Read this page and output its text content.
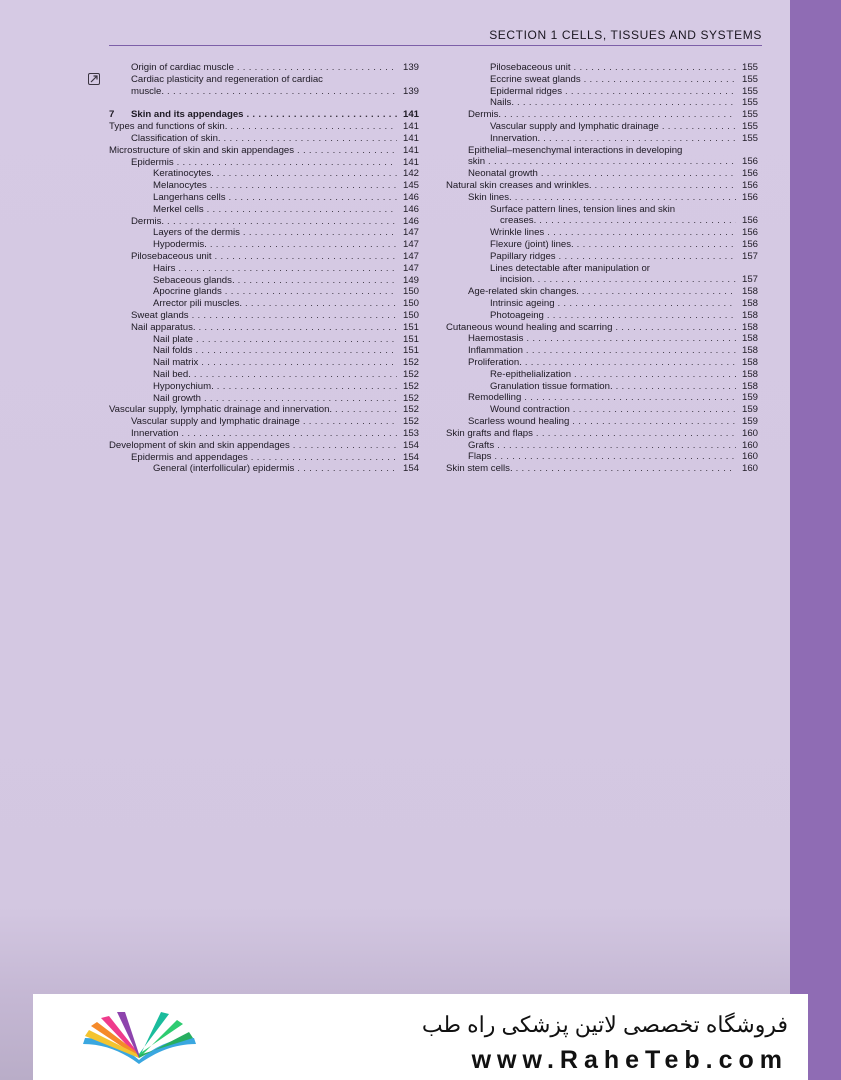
SECTION 1 CELLS, TISSUES AND SYSTEMS
Origin of cardiac muscle . . .	139
Cardiac plasticity and regeneration of cardiac
muscle. . . .	139
7 Skin and its appendages . . .	141
Types and functions of skin. . . .	141
Classification of skin. . . .	141
Microstructure of skin and skin appendages . . .	141
Epidermis . . .	141
Keratinocytes. . . .	142
Melanocytes . . .	145
Langerhans cells . . .	146
Merkel cells . . .	146
Dermis. . . .	146
Layers of the dermis . . .	147
Hypodermis. . . .	147
Pilosebaceous unit . . .	147
Hairs . . .	147
Sebaceous glands. . . .	149
Apocrine glands . . .	150
Arrector pili muscles. . . .	150
Sweat glands . . .	150
Nail apparatus. . . .	151
Nail plate . . .	151
Nail folds . . .	151
Nail matrix . . .	152
Nail bed. . . .	152
Hyponychium. . . .	152
Nail growth . . .	152
Vascular supply, lymphatic drainage and innervation. . . .	152
Vascular supply and lymphatic drainage . . .	152
Innervation . . .	153
Development of skin and skin appendages . . .	154
Epidermis and appendages . . .	154
General (interfollicular) epidermis . . .	154
Pilosebaceous unit . . .	155
Eccrine sweat glands . . .	155
Epidermal ridges . . .	155
Nails. . . .	155
Dermis. . . .	155
Vascular supply and lymphatic drainage . . .	155
Innervation. . . .	155
Epithelial–mesenchymal interactions in developing
skin . . .	156
Neonatal growth . . .	156
Natural skin creases and wrinkles. . . .	156
Skin lines. . . .	156
Surface pattern lines, tension lines and skin
creases. . . .	156
Wrinkle lines . . .	156
Flexure (joint) lines. . . .	156
Papillary ridges . . .	157
Lines detectable after manipulation or
incision. . . .	157
Age-related skin changes. . . .	158
Intrinsic ageing . . .	158
Photoageing . . .	158
Cutaneous wound healing and scarring . . .	158
Haemostasis . . .	158
Inflammation . . .	158
Proliferation. . . .	158
Re-epithelialization . . .	158
Granulation tissue formation. . . .	158
Remodelling . . .	159
Wound contraction . . .	159
Scarless wound healing . . .	159
Skin grafts and flaps . . .	160
Grafts . . .	160
Flaps . . .	160
Skin stem cells. . . .	160
فروشگاه تخصصی لاتین پزشکی راه طب
www.RaheTeb.com
